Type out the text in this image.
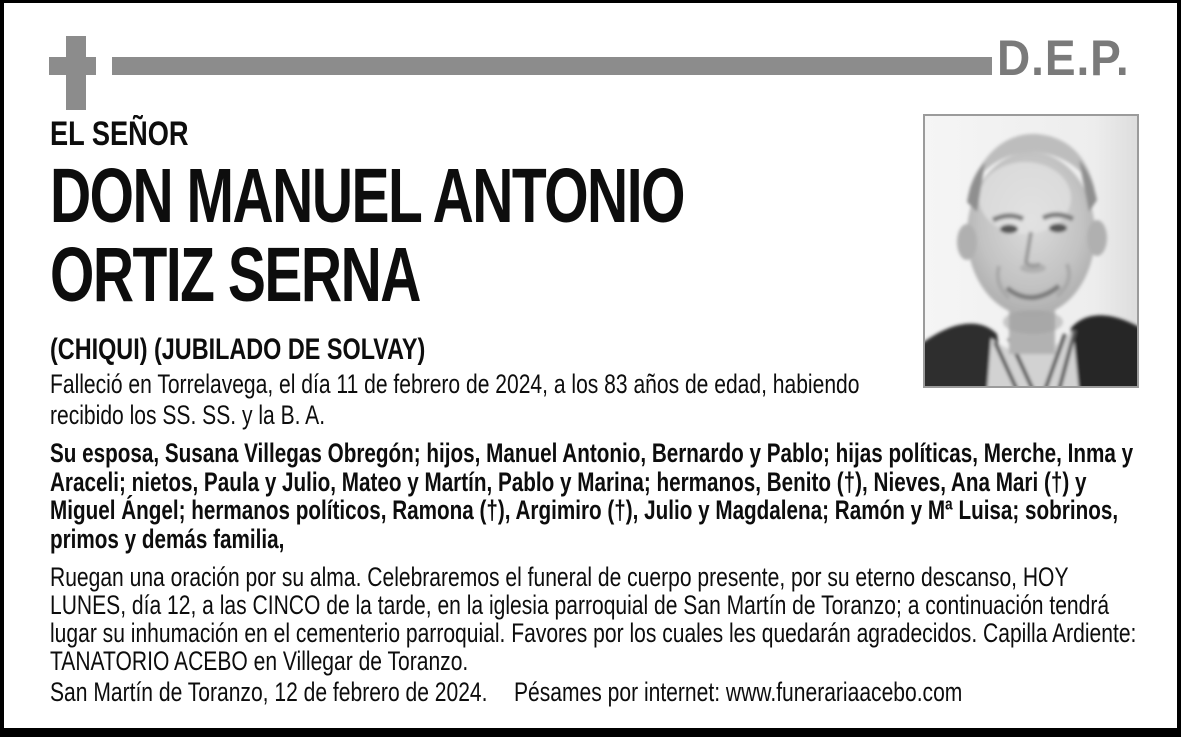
D.E.P.
EL SEÑOR
DON MANUEL ANTONIO
ORTIZ SERNA
(CHIQUI) (JUBILADO DE SOLVAY)
Falleció en Torrelavega, el día 11 de febrero de 2024, a los 83 años de edad, habiendo recibido los SS. SS. y la B. A.
Su esposa, Susana Villegas Obregón; hijos, Manuel Antonio, Bernardo y Pablo; hijas políticas, Merche, Inma y Araceli; nietos, Paula y Julio, Mateo y Martín, Pablo y Marina; hermanos, Benito (†), Nieves, Ana Mari (†) y Miguel Ángel; hermanos políticos, Ramona (†), Argimiro (†), Julio y Magdalena; Ramón y Mª Luisa; sobrinos, primos y demás familia,
Ruegan una oración por su alma. Celebraremos el funeral de cuerpo presente, por su eterno descanso, HOY LUNES, día 12, a las CINCO de la tarde, en la iglesia parroquial de San Martín de Toranzo; a continuación tendrá lugar su inhumación en el cementerio parroquial. Favores por los cuales les quedarán agradecidos. Capilla Ardiente: TANATORIO ACEBO en Villegar de Toranzo.
San Martín de Toranzo, 12 de febrero de 2024. Pésames por internet: www.funerariaacebo.com
